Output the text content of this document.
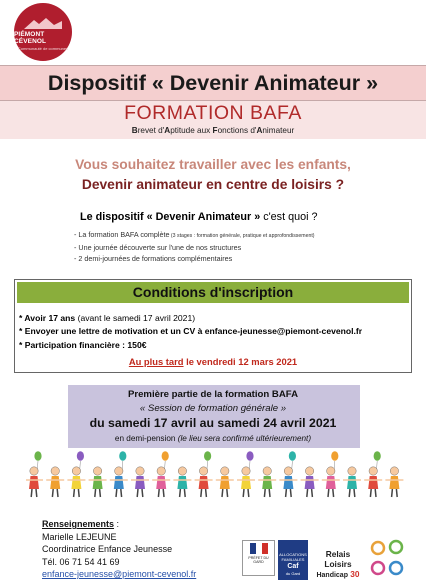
PIÉMONT CÉVENOL
Communauté de communes
Dispositif « Devenir Animateur »
FORMATION BAFA
Brevet d'Aptitude aux Fonctions d'Animateur
Vous souhaitez travailler avec les enfants,
Devenir animateur en centre de loisirs ?
Le dispositif « Devenir Animateur » c'est quoi ?
- La formation BAFA complète (3 stages : formation générale, pratique et approfondissement)
- Une journée découverte sur l'une de nos structures
- 2 demi-journées de formations complémentaires
Conditions d'inscription
* Avoir 17 ans (avant le samedi 17 avril 2021)
* Envoyer une lettre de motivation et un CV à enfance-jeunesse@piemont-cevenol.fr
* Participation financière : 150€
Au plus tard le vendredi 12 mars 2021
Première partie de la formation BAFA
« Session de formation générale »
du samedi 17 avril au samedi 24 avril 2021
en demi-pension (le lieu sera confirmé ultérieurement)
Renseignements :
Marielle LEJEUNE
Coordinatrice Enfance Jeunesse
Tél. 06 71 54 41 69
enfance-jeunesse@piemont-cevenol.fr
PRÉFET DU GARD
ALLOCATIONS FAMILIALES
Caf
du Gard
Relais Loisirs
Handicap 30
